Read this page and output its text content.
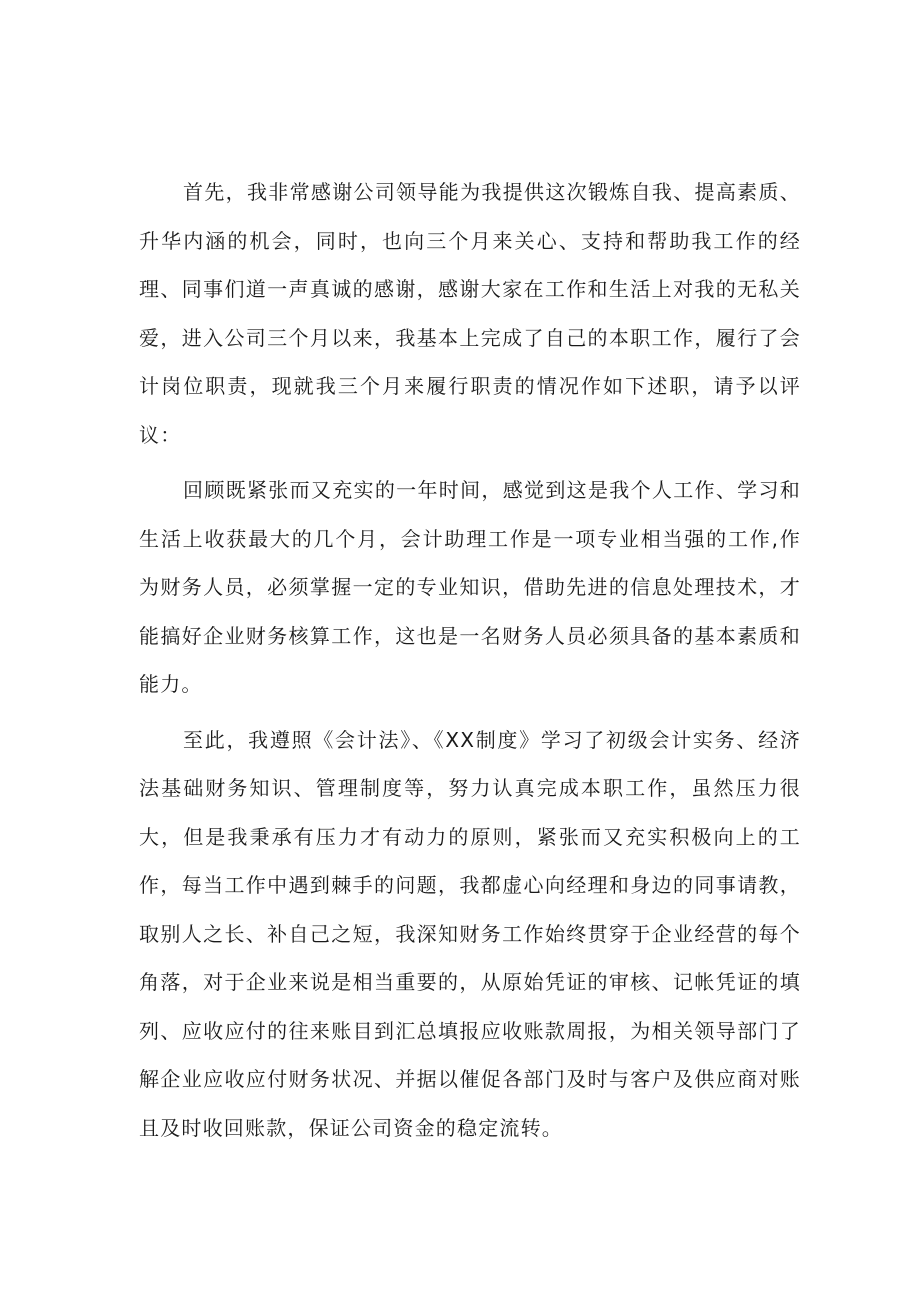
首先，我非常感谢公司领导能为我提供这次锻炼自我、提高素质、升华内涵的机会，同时，也向三个月来关心、支持和帮助我工作的经理、同事们道一声真诚的感谢，感谢大家在工作和生活上对我的无私关爱，进入公司三个月以来，我基本上完成了自己的本职工作，履行了会计岗位职责，现就我三个月来履行职责的情况作如下述职，请予以评议：

回顾既紧张而又充实的一年时间，感觉到这是我个人工作、学习和生活上收获最大的几个月，会计助理工作是一项专业相当强的工作,作为财务人员，必须掌握一定的专业知识，借助先进的信息处理技术，才能搞好企业财务核算工作，这也是一名财务人员必须具备的基本素质和能力。

至此，我遵照《会计法》、《XX制度》学习了初级会计实务、经济法基础财务知识、管理制度等，努力认真完成本职工作，虽然压力很大，但是我秉承有压力才有动力的原则，紧张而又充实积极向上的工作，每当工作中遇到棘手的问题，我都虚心向经理和身边的同事请教，取别人之长、补自己之短，我深知财务工作始终贯穿于企业经营的每个角落，对于企业来说是相当重要的，从原始凭证的审核、记帐凭证的填列、应收应付的往来账目到汇总填报应收账款周报，为相关领导部门了解企业应收应付财务状况、并据以催促各部门及时与客户及供应商对账且及时收回账款，保证公司资金的稳定流转。
